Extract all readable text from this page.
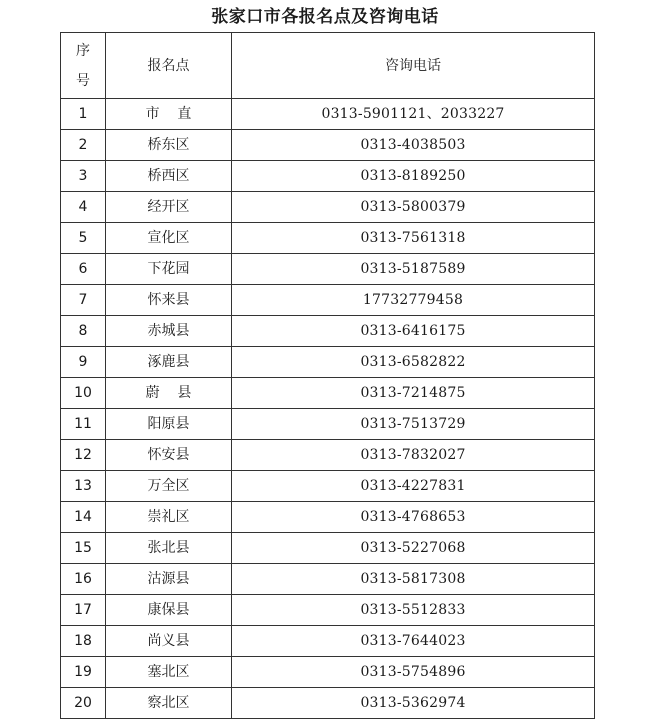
张家口市各报名点及咨询电话
序
号	报名点	咨询电话
1	市    直	0313-5901121、2033227
2	桥东区	0313-4038503
3	桥西区	0313-8189250
4	经开区	0313-5800379
5	宣化区	0313-7561318
6	下花园	0313-5187589
7	怀来县	17732779458
8	赤城县	0313-6416175
9	涿鹿县	0313-6582822
10	蔚    县	0313-7214875
11	阳原县	0313-7513729
12	怀安县	0313-7832027
13	万全区	0313-4227831
14	崇礼区	0313-4768653
15	张北县	0313-5227068
16	沽源县	0313-5817308
17	康保县	0313-5512833
18	尚义县	0313-7644023
19	塞北区	0313-5754896
20	察北区	0313-5362974
